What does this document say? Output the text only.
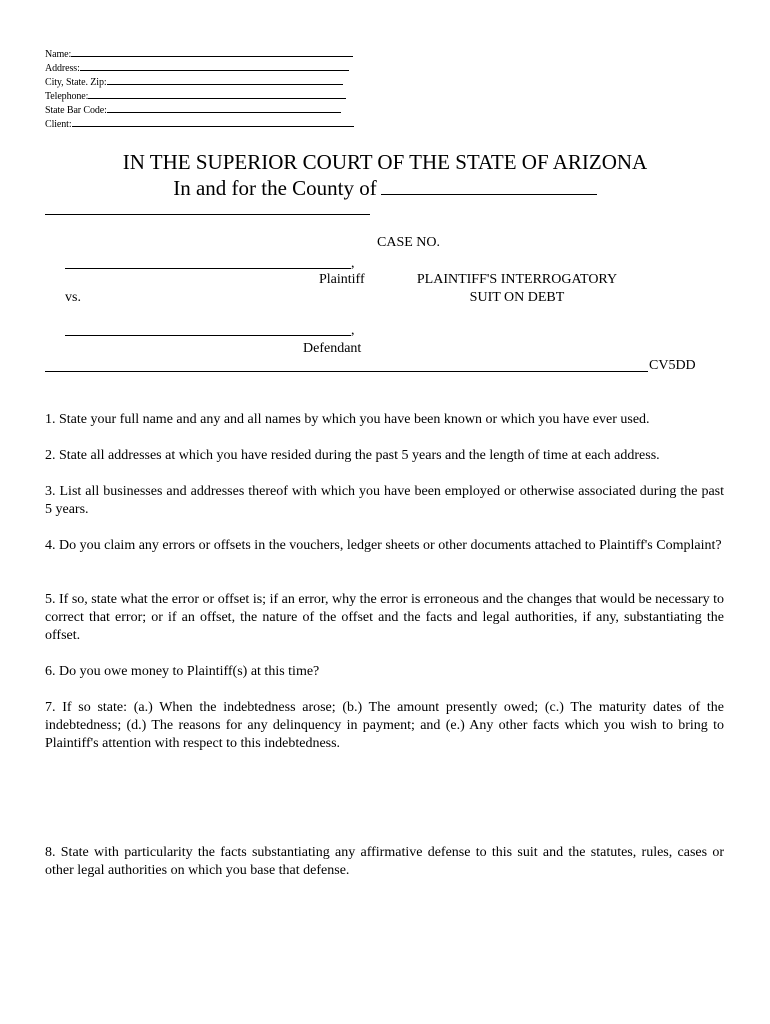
Name:
Address:
City, State. Zip:
Telephone:
State Bar Code:
Client:
IN THE SUPERIOR COURT OF THE STATE OF ARIZONA
In and for the County of
CASE NO.
,
Plaintiff
vs.
PLAINTIFF'S INTERROGATORY
SUIT ON DEBT
,
Defendant
CV5DD
1. State your full name and any and all names by which you have been known or which you have ever used.
2. State all addresses at which you have resided during the past 5 years and the length of time at each address.
3. List all businesses and addresses thereof with which you have been employed or otherwise associated during the past 5 years.
4. Do you claim any errors or offsets in the vouchers, ledger sheets or other documents attached to Plaintiff's Complaint?
5. If so, state what the error or offset is; if an error, why the error is erroneous and the changes that would be necessary to correct that error; or if an offset, the nature of the offset and the facts and legal authorities, if any, substantiating the offset.
6. Do you owe money to Plaintiff(s) at this time?
7. If so state: (a.) When the indebtedness arose; (b.) The amount presently owed; (c.) The maturity dates of the indebtedness; (d.) The reasons for any delinquency in payment; and (e.) Any other facts which you wish to bring to Plaintiff's attention with respect to this indebtedness.
8. State with particularity the facts substantiating any affirmative defense to this suit and the statutes, rules, cases or other legal authorities on which you base that defense.
